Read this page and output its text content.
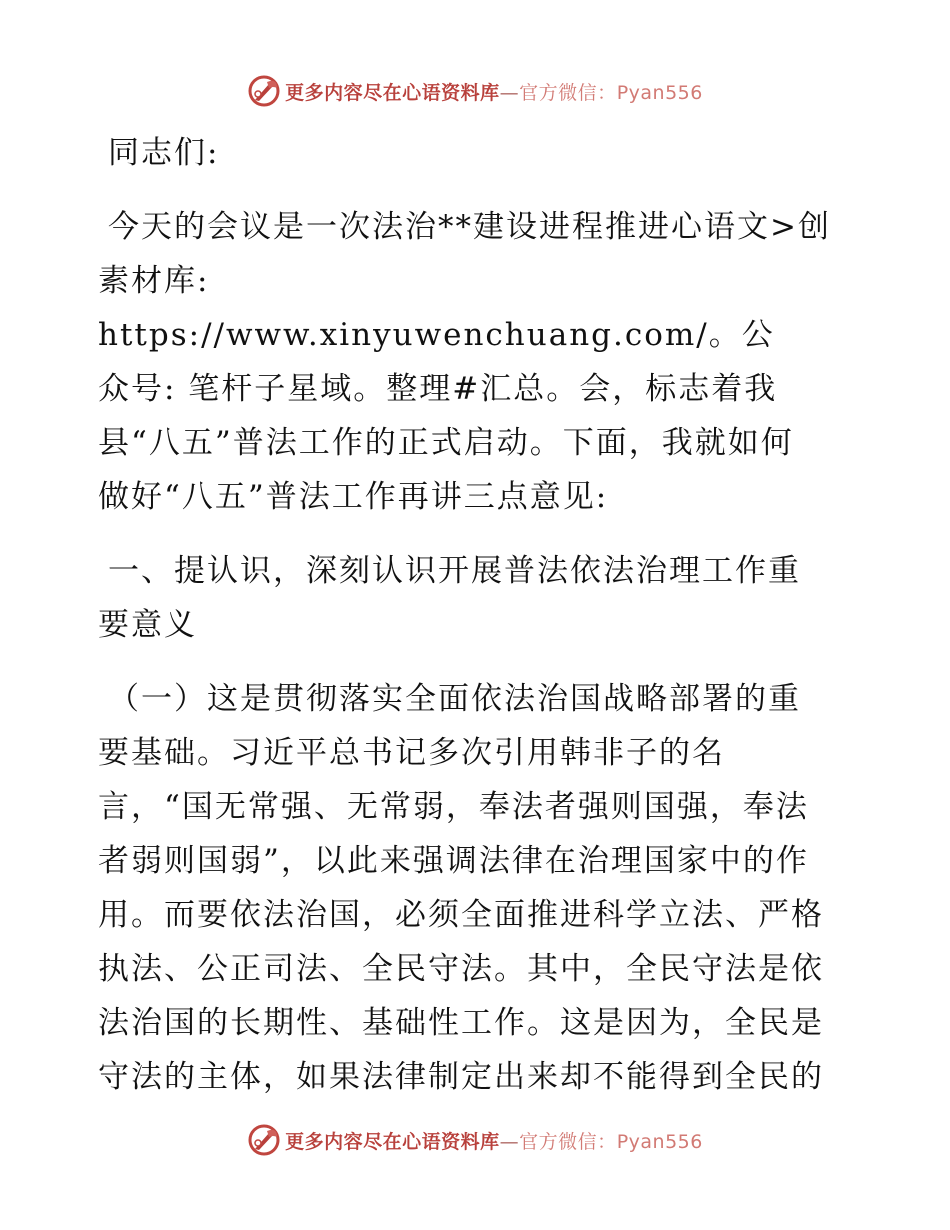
更多内容尽在心语资料库—官方微信：Pyan556

同志们:

今天的会议是一次法治**建设进程推进心语文>创

素材库: https://www.xinyuwenchuang.com/。公

众号: 笔杆子星域。整理#汇总。会，标志着我

县“八五”普法工作的正式启动。下面，我就如何

做好“八五”普法工作再讲三点意见:

一、提认识，深刻认识开展普法依法治理工作重

要意义

（一）这是贯彻落实全面依法治国战略部署的重

要基础。习近平总书记多次引用韩非子的名

言，“国无常强、无常弱，奉法者强则国强，奉法

者弱则国弱”，以此来强调法律在治理国家中的作

用。而要依法治国，必须全面推进科学立法、严格

执法、公正司法、全民守法。其中，全民守法是依

法治国的长期性、基础性工作。这是因为，全民是

守法的主体，如果法律制定出来却不能得到全民的

更多内容尽在心语资料库—官方微信：Pyan556
